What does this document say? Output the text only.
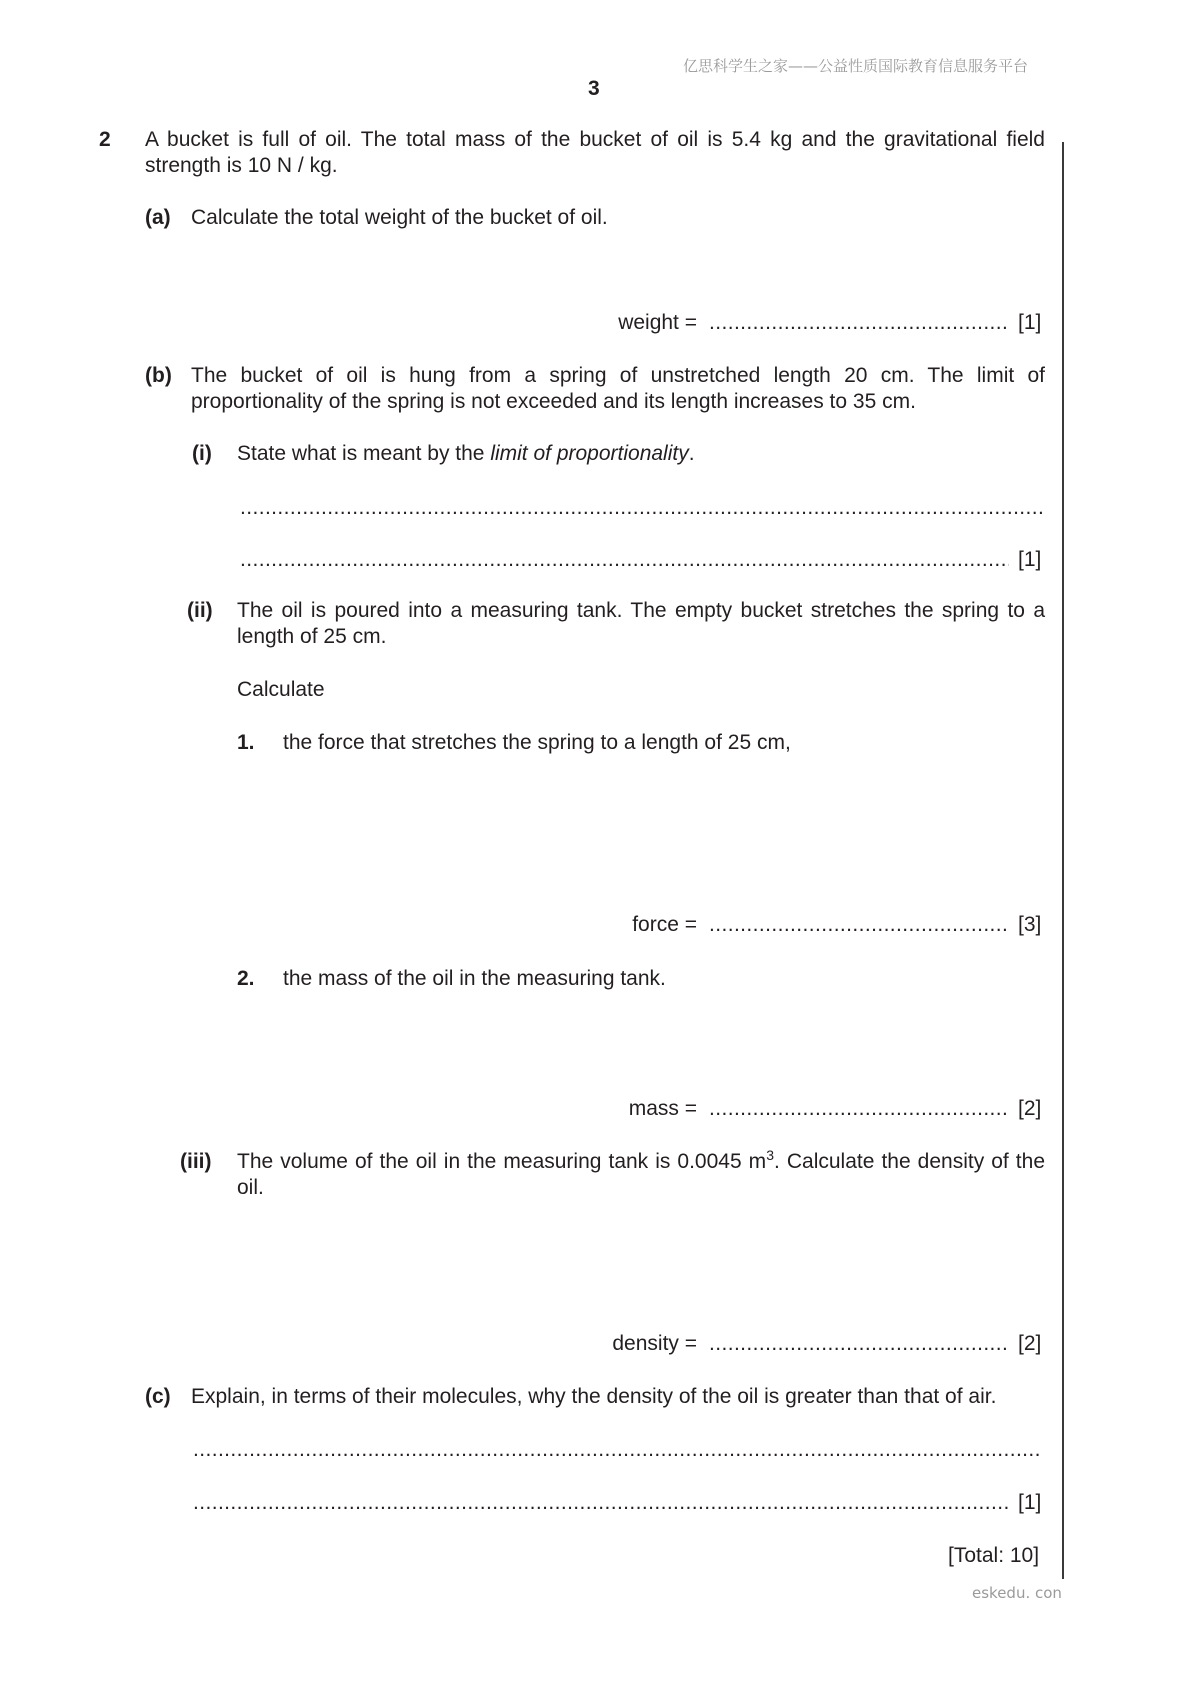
亿思科学生之家——公益性质国际教育信息服务平台
3
2 A bucket is full of oil. The total mass of the bucket of oil is 5.4 kg and the gravitational field strength is 10 N / kg.
(a) Calculate the total weight of the bucket of oil.
weight = .....	[1]
(b) The bucket of oil is hung from a spring of unstretched length 20 cm. The limit of proportionality of the spring is not exceeded and its length increases to 35 cm.
(i) State what is meant by the limit of proportionality.
.....
.....
[1]
(ii) The oil is poured into a measuring tank. The empty bucket stretches the spring to a length of 25 cm.
Calculate
1. the force that stretches the spring to a length of 25 cm,
force = .....	[3]
2. the mass of the oil in the measuring tank.
mass = .....	[2]
(iii) The volume of the oil in the measuring tank is 0.0045 $m^3$. Calculate the density of the oil.
density = .....	[2]
(c) Explain, in terms of their molecules, why the density of the oil is greater than that of air.
.....
.....
[1]
[Total: 10]
eskedu. con
